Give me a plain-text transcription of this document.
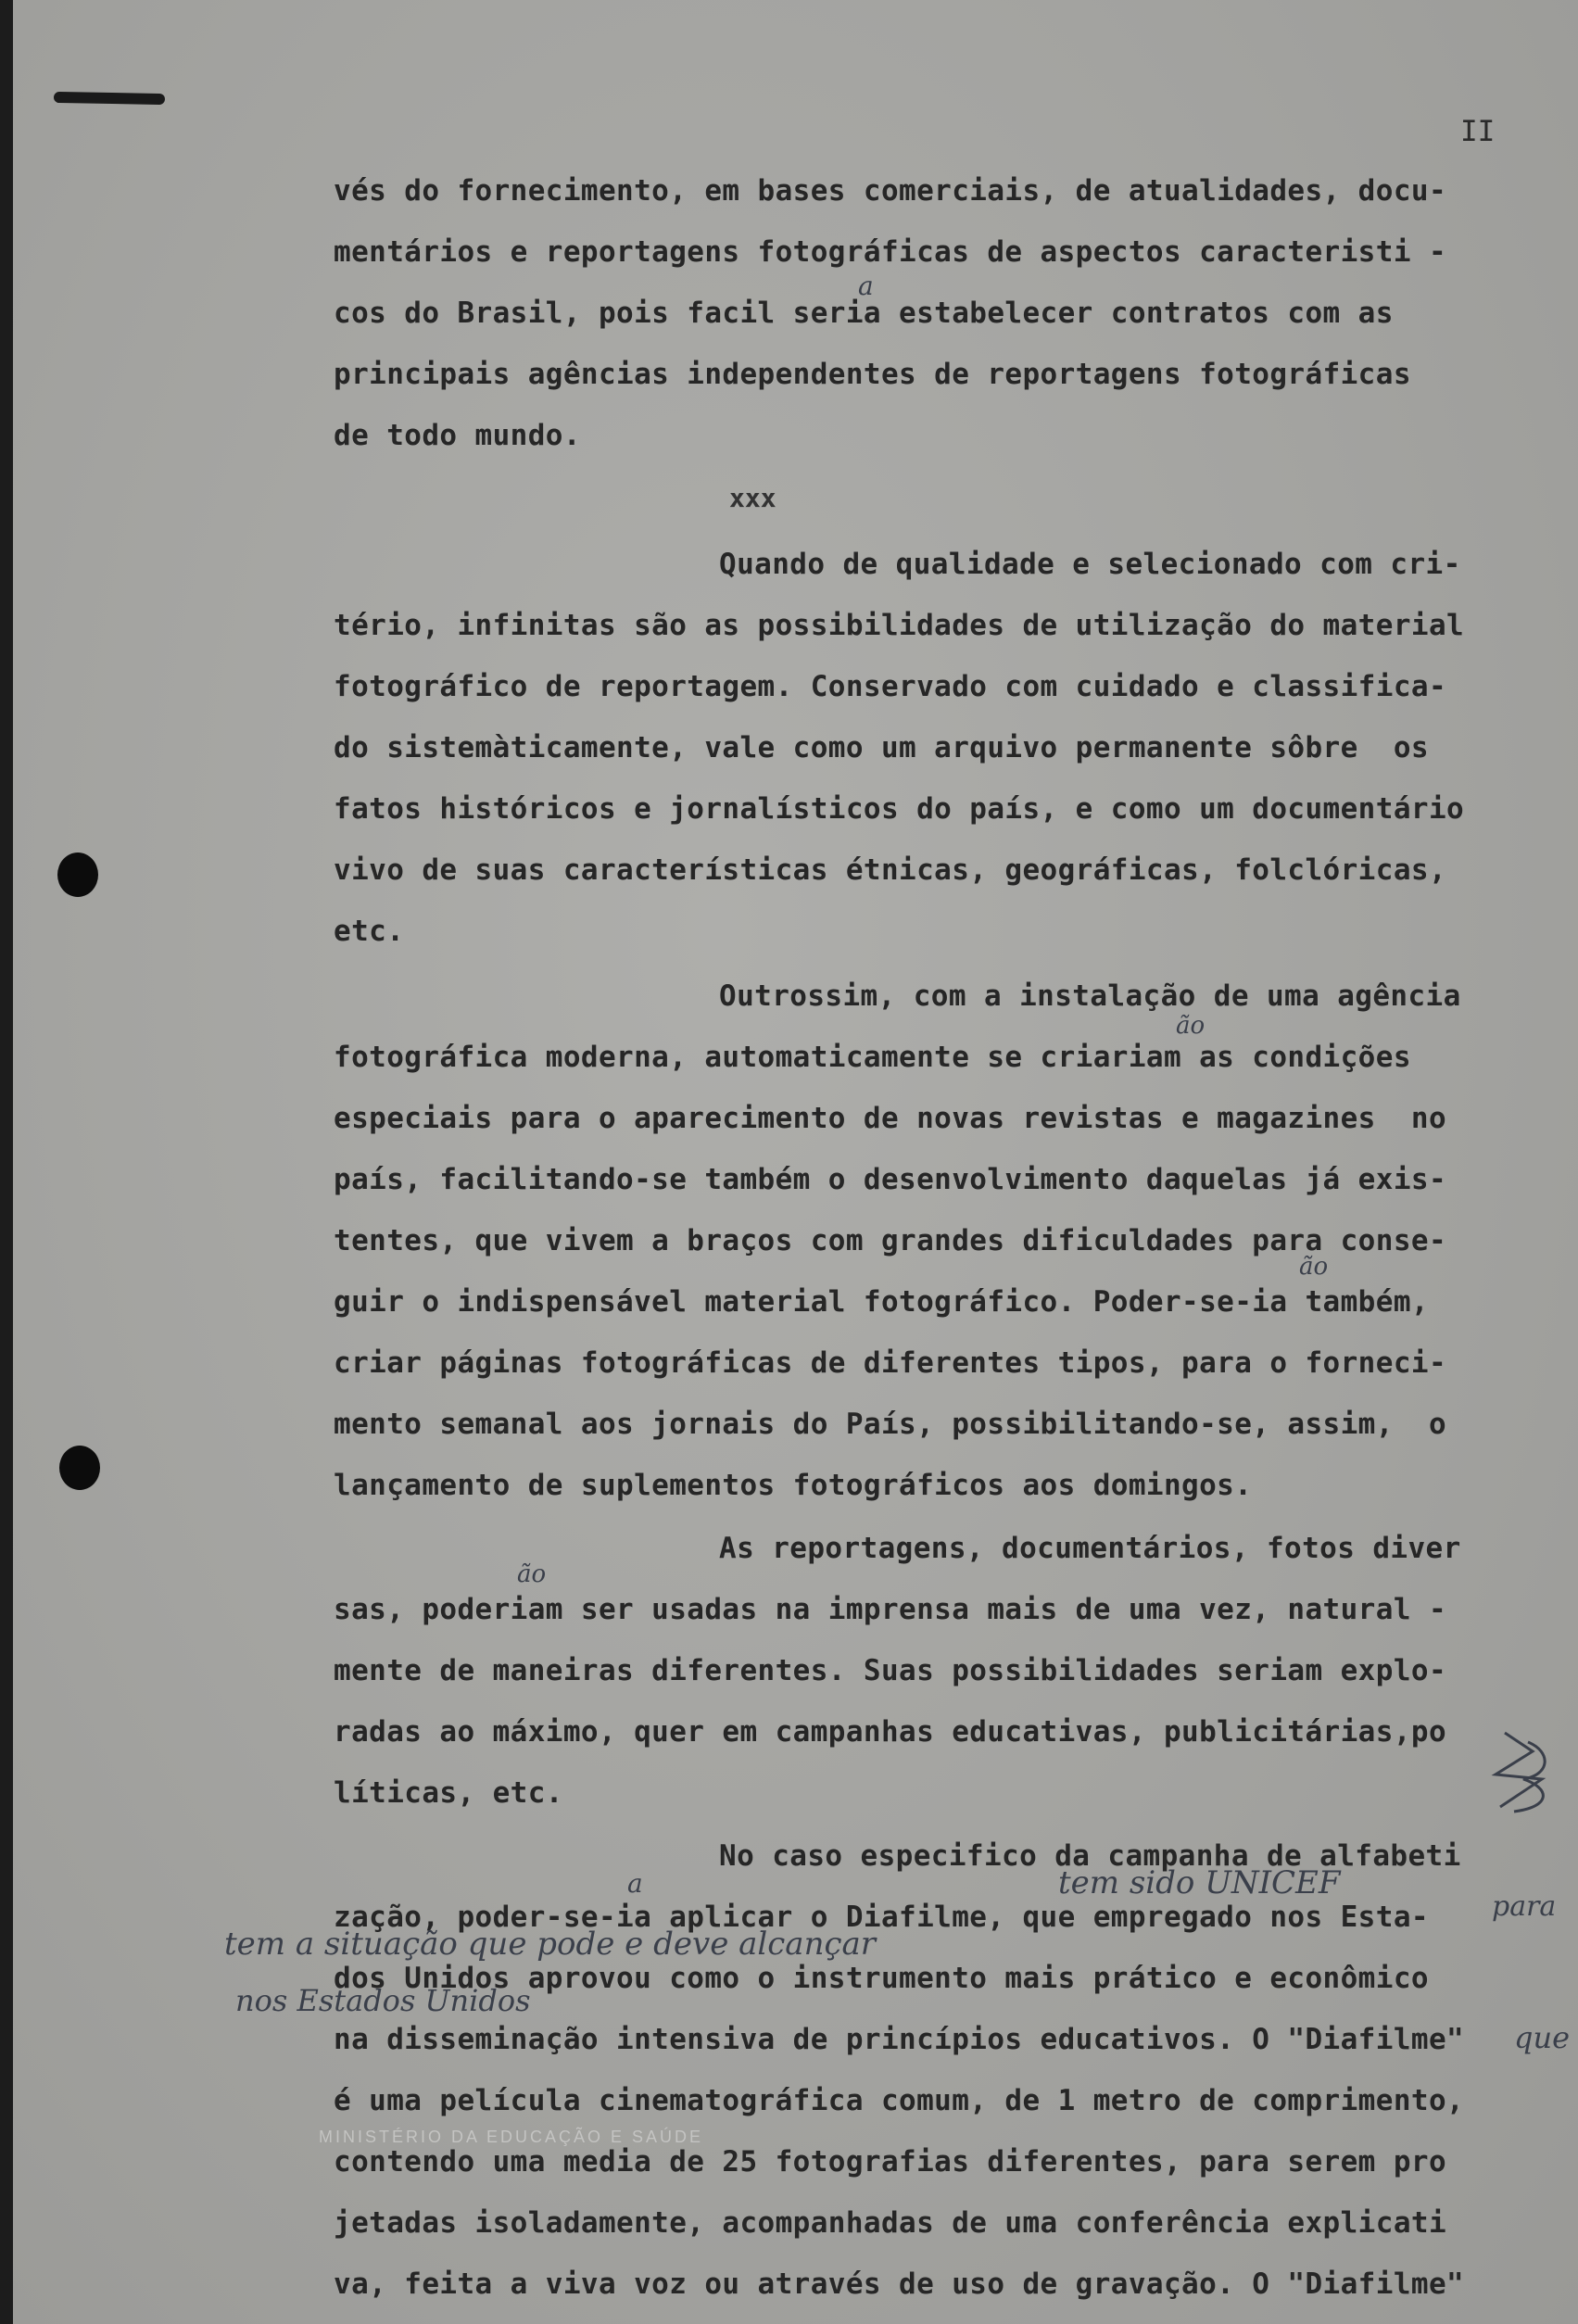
II
vés do fornecimento, em bases comerciais, de atualidades, docu-
mentários e reportagens fotográficas de aspectos caracteristi -
cos do Brasil, pois facil seria estabelecer contratos com as
principais agências independentes de reportagens fotográficas
de todo mundo.
xxx
Quando de qualidade e selecionado com cri-
tério, infinitas são as possibilidades de utilização do material
fotográfico de reportagem. Conservado com cuidado e classifica-
do sistemàticamente, vale como um arquivo permanente sôbre  os
fatos históricos e jornalísticos do país, e como um documentário
vivo de suas características étnicas, geográficas, folclóricas,
etc.
Outrossim, com a instalação de uma agência
fotográfica moderna, automaticamente se criariam as condições
especiais para o aparecimento de novas revistas e magazines  no
país, facilitando-se também o desenvolvimento daquelas já exis-
tentes, que vivem a braços com grandes dificuldades para conse-
guir o indispensável material fotográfico. Poder-se-ia também,
criar páginas fotográficas de diferentes tipos, para o forneci-
mento semanal aos jornais do País, possibilitando-se, assim,  o
lançamento de suplementos fotográficos aos domingos.
As reportagens, documentários, fotos diver
sas, poderiam ser usadas na imprensa mais de uma vez, natural -
mente de maneiras diferentes. Suas possibilidades seriam explo-
radas ao máximo, quer em campanhas educativas, publicitárias,po
líticas, etc.
No caso especifico da campanha de alfabeti
zação, poder-se-ia aplicar o Diafilme, que empregado nos Esta-
dos Unidos aprovou como o instrumento mais prático e econômico
na disseminação intensiva de princípios educativos. O "Diafilme"
é uma película cinematográfica comum, de 1 metro de comprimento,
contendo uma media de 25 fotografias diferentes, para serem pro
jetadas isoladamente, acompanhadas de uma conferência explicati
va, feita a viva voz ou através de uso de gravação. O "Diafilme"
a
ão
ão
ão
a	tem sido UNICEF
tem a situação que pode e deve alcançar
nos Estados Unidos
que
para
MINISTÉRIO DA EDUCAÇÃO E SAÚDE
